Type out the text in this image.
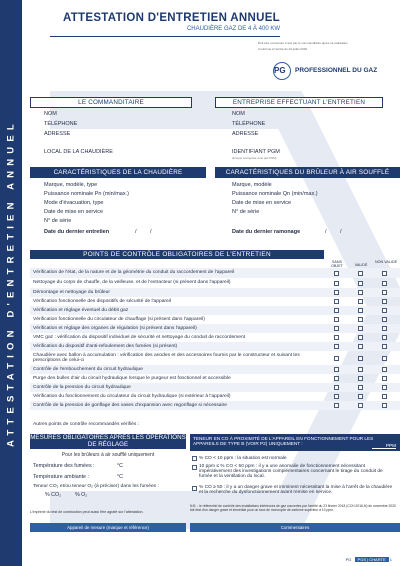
ATTESTATION D'ENTRETIEN ANNUEL
ATTESTATION D'ENTRETIEN ANNUEL
CHAUDIÈRE GAZ DE 4 À 400 KW
Doit être conservée 2 ans par le commanditaire après sa réalisation
Conforme à l'arrêté du 24 juillet 2020
PG PROFESSIONNEL DU GAZ
LE COMMANDITAIRE
NOM
TÉLÉPHONE
ADRESSE
LOCAL DE LA CHAUDIÈRE
ENTREPRISE EFFECTUANT L'ENTRETIEN
NOM
TÉLÉPHONE
ADRESSE
IDENTIFIANT PGM
(lorsque l'entreprise n'est pas PGM)
CARACTÉRISTIQUES DE LA CHAUDIÈRE
Marque, modèle, type
Puissance nominale Pn (min/max.)
Mode d'évacuation, type
Date de mise en service
N° de série
Date du dernier entretien	/ /
CARACTÉRISTIQUES DU BRÛLEUR À AIR SOUFFLÉ
Marque, modèle
Puissance nominale Qn (min/max.)
Date de mise en service
N° de série
Date du dernier ramonage	/ /
POINTS DE CONTRÔLE OBLIGATOIRES DE L'ENTRETIEN
SANS OBJET	VALIDÉ
NON VALIDÉ
Vérification de l'état, de la nature et de la géométrie du conduit du raccordement de l'appareil
Nettoyage du corps de chauffe, de la veilleuse, et de l'extracteur (si présent dans l'appareil)
Démontage et nettoyage du brûleur
Vérification fonctionnelle des dispositifs de sécurité de l'appareil
Vérification et réglage éventuel du débit gaz
Vérification fonctionnelle du circulateur de chauffage (si présent dans l'appareil)
Vérification et réglage des organes de régulation (si présent dans l'appareil)
VMC gaz : vérification du dispositif individuel de sécurité et nettoyage du conduit de raccordement
Vérification du dispositif d'anti-refoulement des fumées (si présent)
Chaudière avec ballon à accumulation : vérification des anodes et des accessoires fournis par le constructeur et suivant les prescriptions de celui-ci
Contrôle de l'embouchement du circuit hydraulique
Purge des bulles d'air du circuit hydraulique lorsque le purgeur est fonctionnel et accessible
Contrôle de la pression du circuit hydraulique
Vérification du fonctionnement du circulateur du circuit hydraulique (si extérieur à l'appareil)
Contrôle de la pression de gonflage des vases d'expansion avec regonflage si nécessaire
Autres points de contrôle recommandés vérifiés :
MESURES OBLIGATOIRES APRÈS LES OPÉRATIONS DE RÉGLAGE
Pour les brûleurs à air soufflé uniquement
Température des fumées :	°C
Température ambiante :	°C
Teneur CO₂ et/ou teneur O₂ (à préciser) dans les fumées :
% CO₂	% O₂
L'imprimé du test de combustion peut aussi être agrafé sur l'attestation.
Appareil de mesure (marque et référence)
TENEUR EN CO À PROXIMITÉ DE L'APPAREIL EN FONCTIONNEMENT POUR LES APPAREILS DE TYPE B (VOIR P2) UNIQUEMENT :	PPM
% CO < 10 ppm : la situation est normale
10 ppm ≤ % CO < 50 ppm : il y a une anomalie de fonctionnement nécessitant impérativement des investigations complémentaires concernant le tirage du conduit de fumée et la ventilation du local.
% CO ≥ 50 : il y a un danger grave et imminent nécessitant la mise à l'arrêt de la chaudière et la recherche du dysfonctionnement avant remise en service.
N.B. : le référentiel de contrôle des installations intérieures de gaz couvertes par l'arrêté du 23 février 2018 (CCH-2016-N) de novembre 2020 fait état d'un danger grave et immédiat pour un taux de monoxyde de carbone supérieur à 10 ppm.
Commentaires
PG PGS | CHARTE 1
